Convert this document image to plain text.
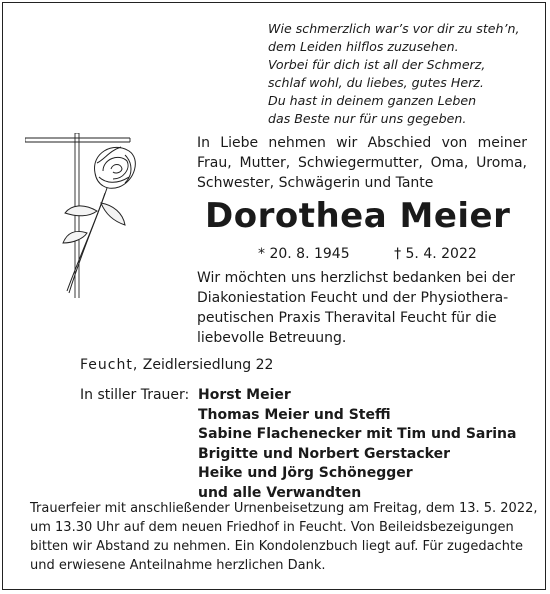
Wie schmerzlich war’s vor dir zu steh’n,
dem Leiden hilflos zuzusehen.
Vorbei für dich ist all der Schmerz,
schlaf wohl, du liebes, gutes Herz.
Du hast in deinem ganzen Leben
das Beste nur für uns gegeben.
In Liebe nehmen wir Abschied von meiner Frau, Mutter, Schwiegermutter, Oma, Uroma, Schwester, Schwägerin und Tante
Dorothea Meier
* 20. 8. 1945	† 5. 4. 2022
Wir möchten uns herzlichst bedanken bei der
Diakoniestation Feucht und der Physiothera-
peutischen Praxis Theravital Feucht für die
liebevolle Betreuung.
Feucht, Zeidlersiedlung 22
In stiller Trauer: Horst Meier
Thomas Meier und Steffi
Sabine Flachenecker mit Tim und Sarina
Brigitte und Norbert Gerstacker
Heike und Jörg Schönegger
und alle Verwandten
Trauerfeier mit anschließender Urnenbeisetzung am Freitag, dem 13. 5. 2022,
um 13.30 Uhr auf dem neuen Friedhof in Feucht. Von Beileidsbezeigungen
bitten wir Abstand zu nehmen. Ein Kondolenzbuch liegt auf. Für zugedachte
und erwiesene Anteilnahme herzlichen Dank.
